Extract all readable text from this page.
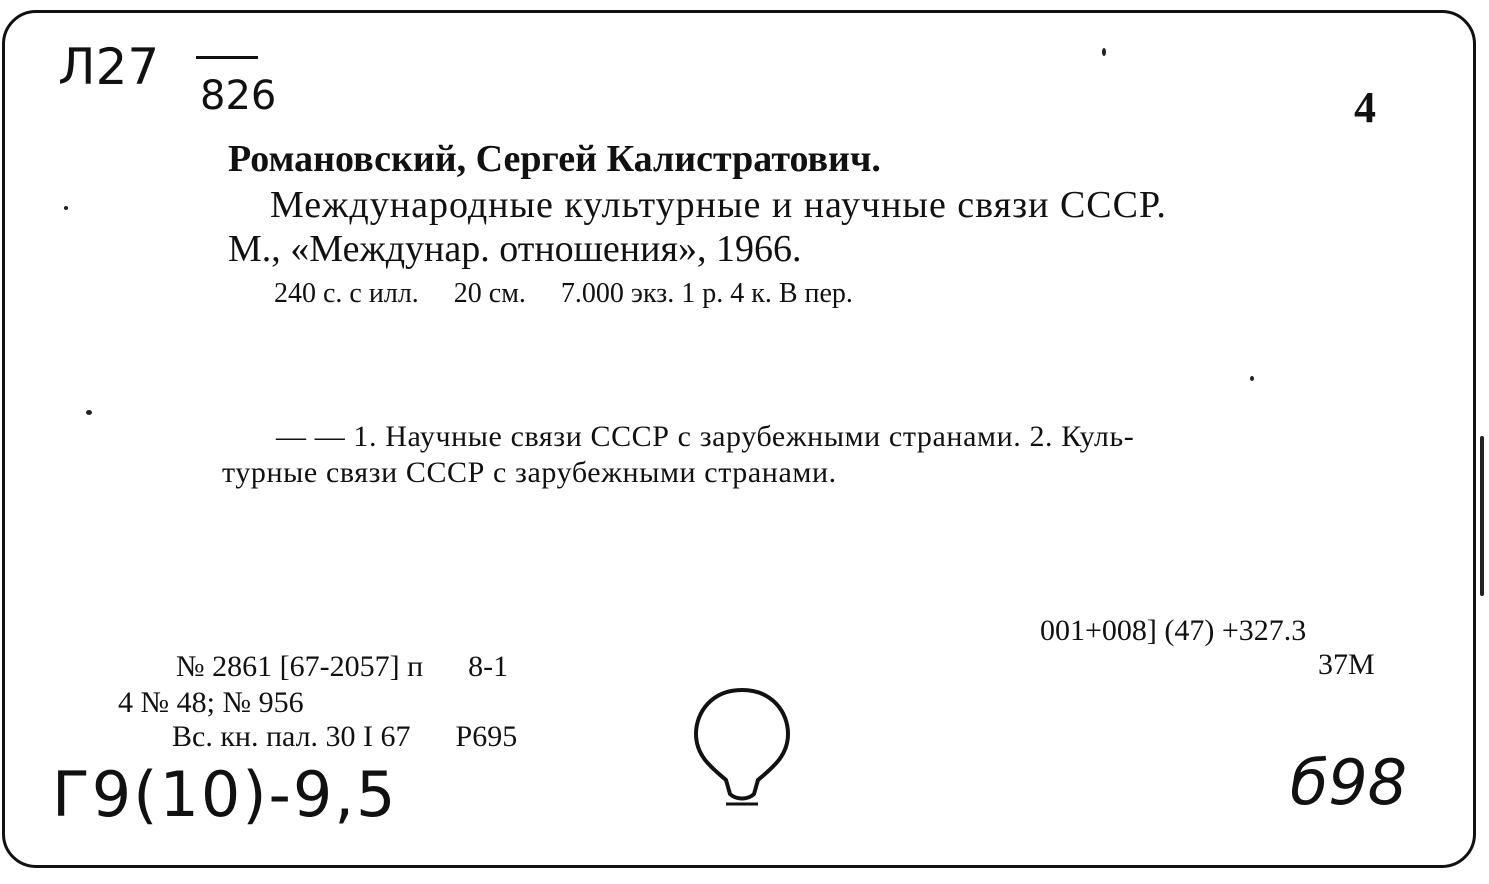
Л27 826	4
Романовский, Сергей Калистратович.
Международные культурные и научные связи СССР.
М., «Междунар. отношения», 1966.
240 с. с илл.     20 см.     7.000 экз. 1 р. 4 к. В пер.
— — 1. Научные связи СССР с зарубежными странами. 2. Куль-
турные связи СССР с зарубежными странами.
001+008] (47) +327.3
37М
№ 2861 [67-2057] п      8-1
4 № 48; № 956
Вс. кн. пал. 30 I 67      Р695
Г9(10)-9,5	б98
